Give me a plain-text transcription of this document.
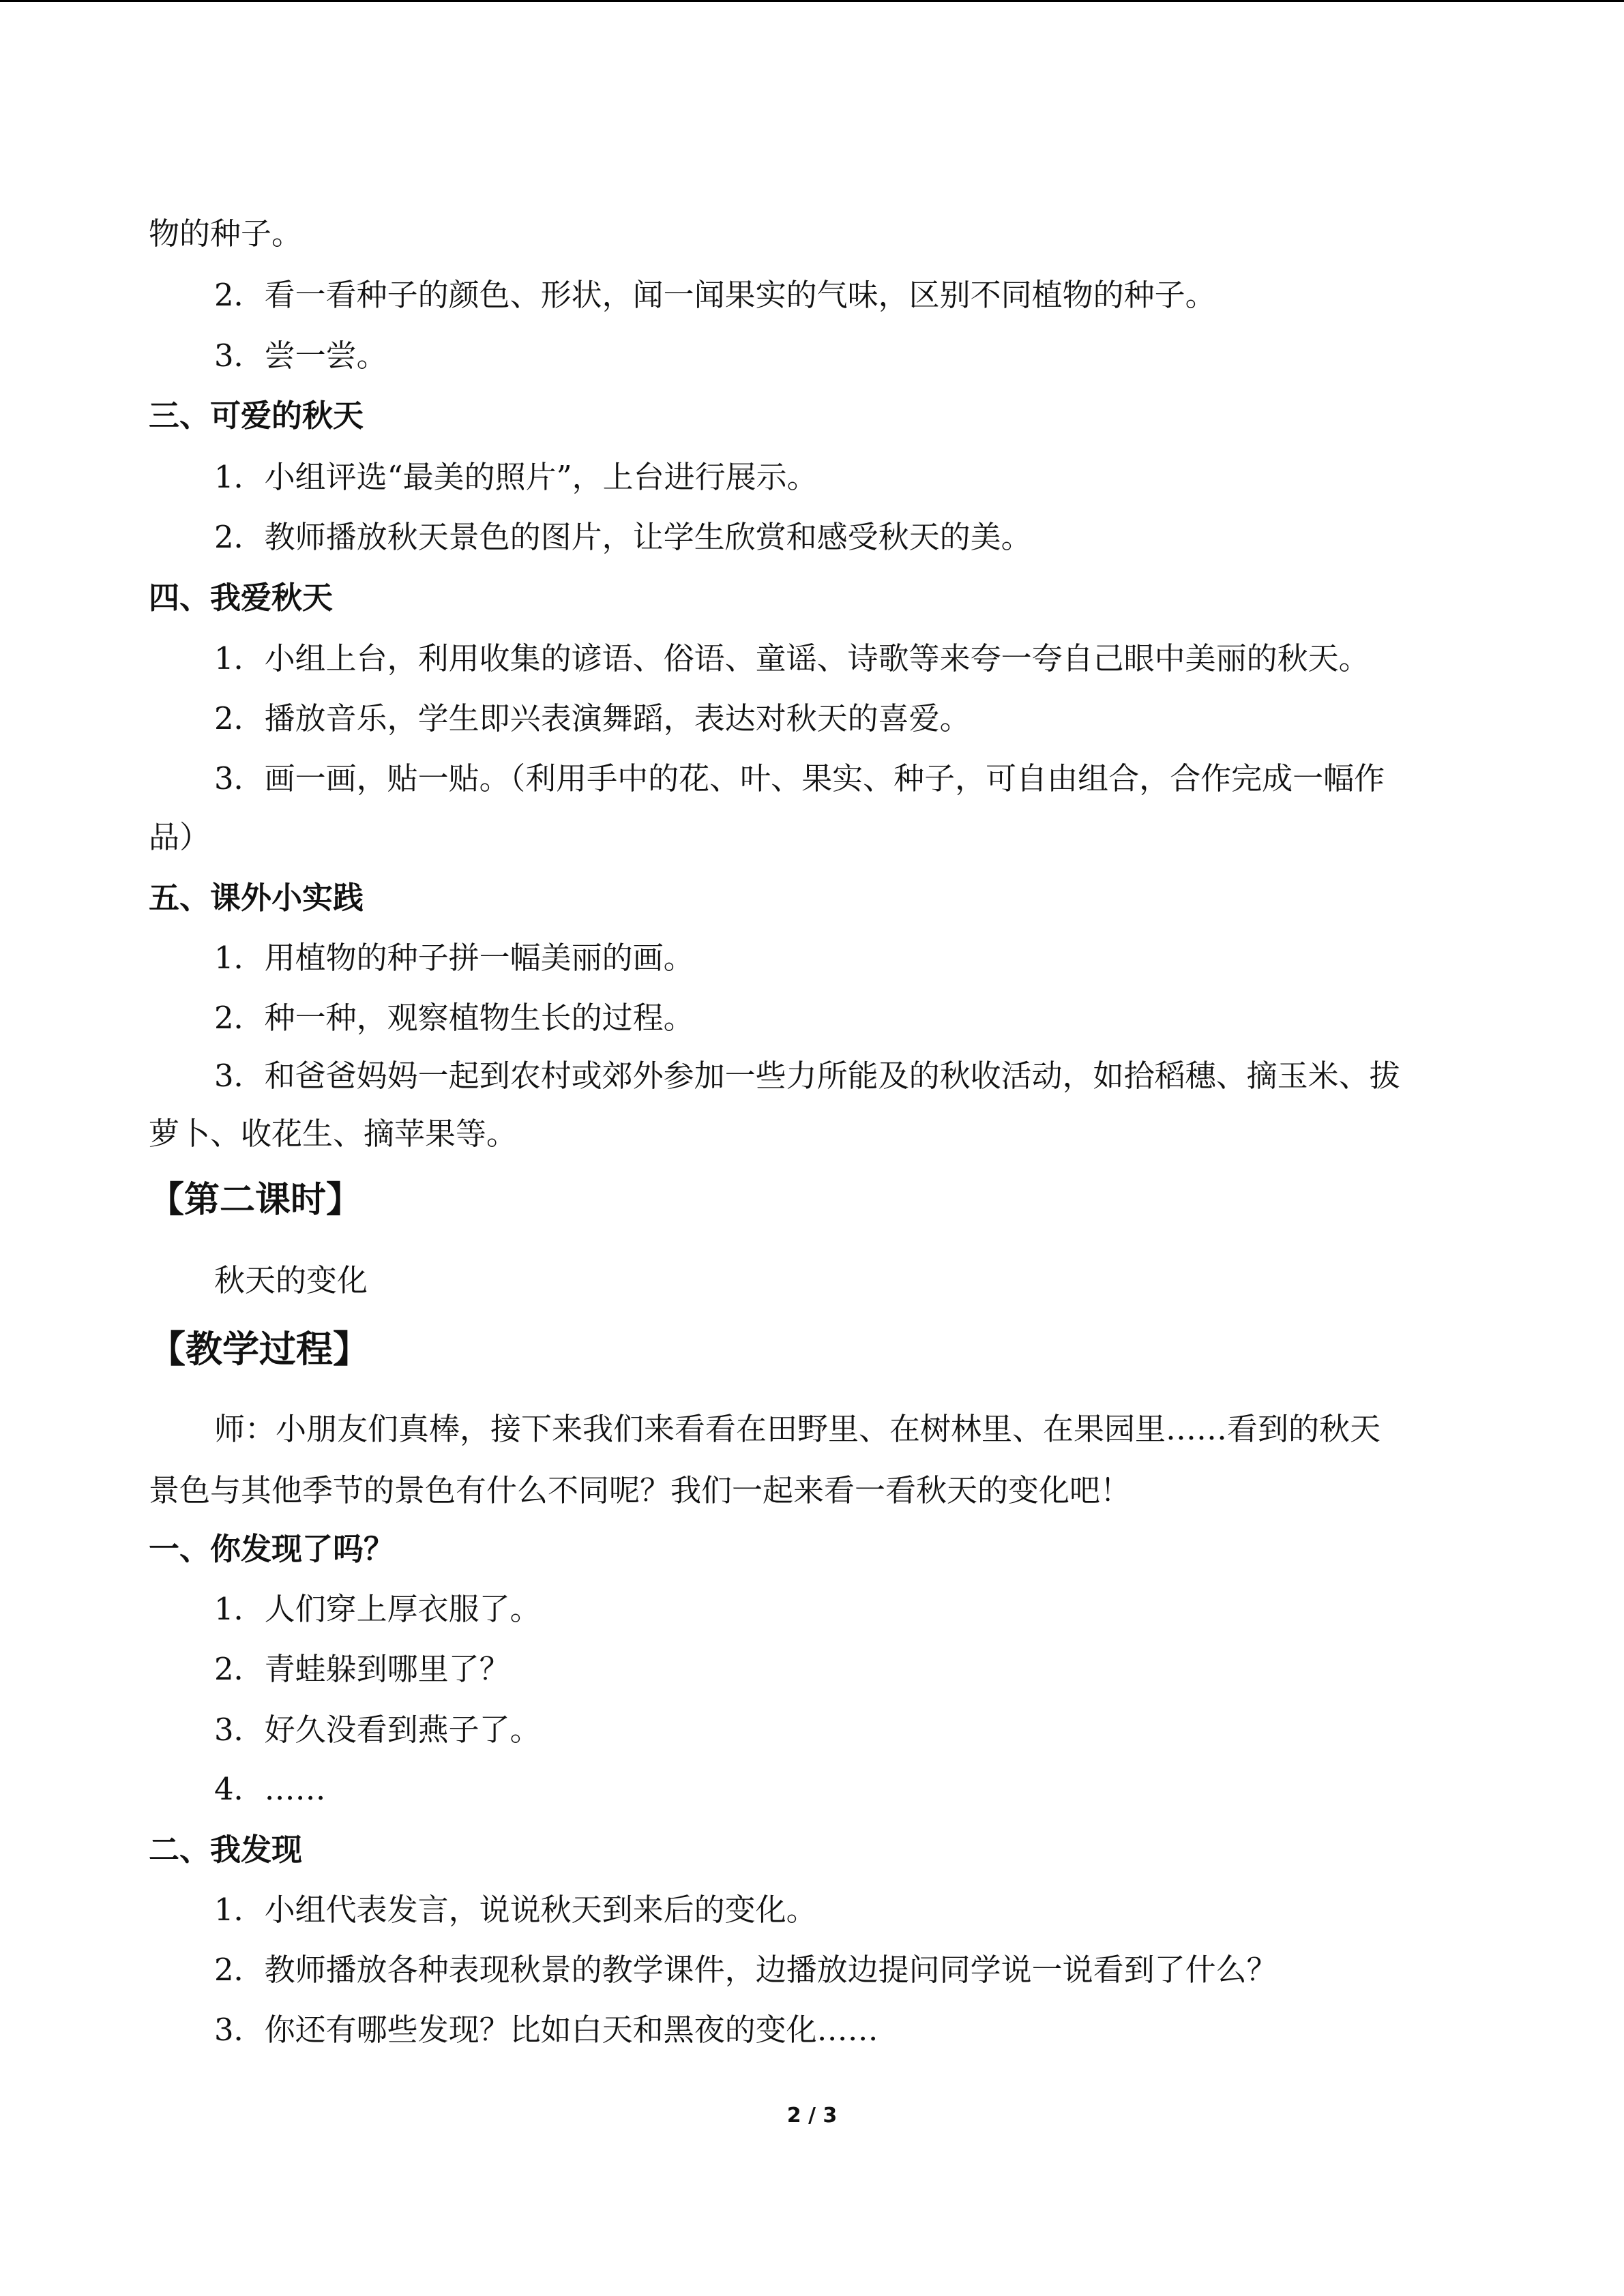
物的种子。

2．看一看种子的颜色、形状，闻一闻果实的气味，区别不同植物的种子。

3．尝一尝。

三、可爱的秋天

1．小组评选“最美的照片”，上台进行展示。

2．教师播放秋天景色的图片，让学生欣赏和感受秋天的美。

四、我爱秋天

1．小组上台，利用收集的谚语、俗语、童谣、诗歌等来夸一夸自己眼中美丽的秋天。

2．播放音乐，学生即兴表演舞蹈，表达对秋天的喜爱。

3．画一画，贴一贴。（利用手中的花、叶、果实、种子，可自由组合，合作完成一幅作

品）

五、课外小实践

1．用植物的种子拼一幅美丽的画。

2．种一种，观察植物生长的过程。

3．和爸爸妈妈一起到农村或郊外参加一些力所能及的秋收活动，如拾稻穗、摘玉米、拔

萝卜、收花生、摘苹果等。

【第二课时】

秋天的变化

【教学过程】

师：小朋友们真棒，接下来我们来看看在田野里、在树林里、在果园里……看到的秋天

景色与其他季节的景色有什么不同呢？我们一起来看一看秋天的变化吧！

一、你发现了吗？

1．人们穿上厚衣服了。

2．青蛙躲到哪里了？

3．好久没看到燕子了。

4．……

二、我发现

1．小组代表发言，说说秋天到来后的变化。

2．教师播放各种表现秋景的教学课件，边播放边提问同学说一说看到了什么？

3．你还有哪些发现？比如白天和黑夜的变化……

2 / 3
